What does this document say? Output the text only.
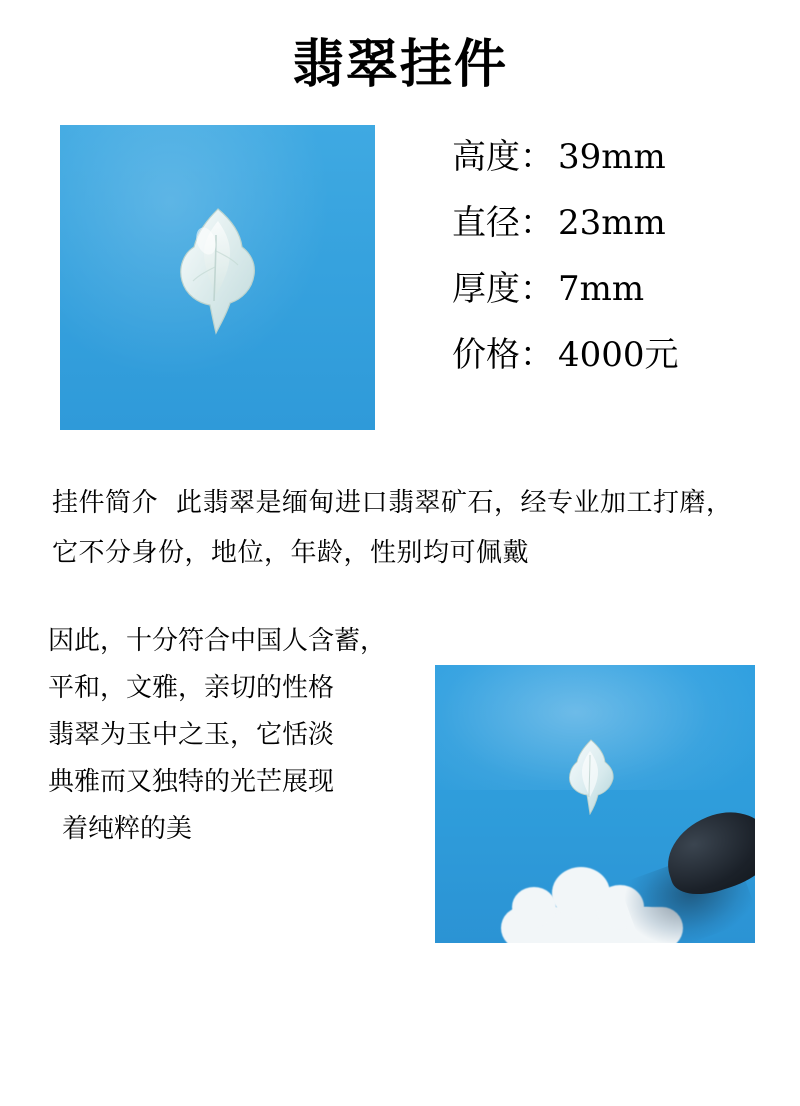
翡翠挂件
高度： 39mm
直径： 23mm
厚度： 7mm
价格： 4000元
挂件简介 此翡翠是缅甸进口翡翠矿石，经专业加工打磨，
它不分身份，地位，年龄，性别均可佩戴
因此，十分符合中国人含蓄，
平和，文雅，亲切的性格
翡翠为玉中之玉，它恬淡
典雅而又独特的光芒展现
着纯粹的美
